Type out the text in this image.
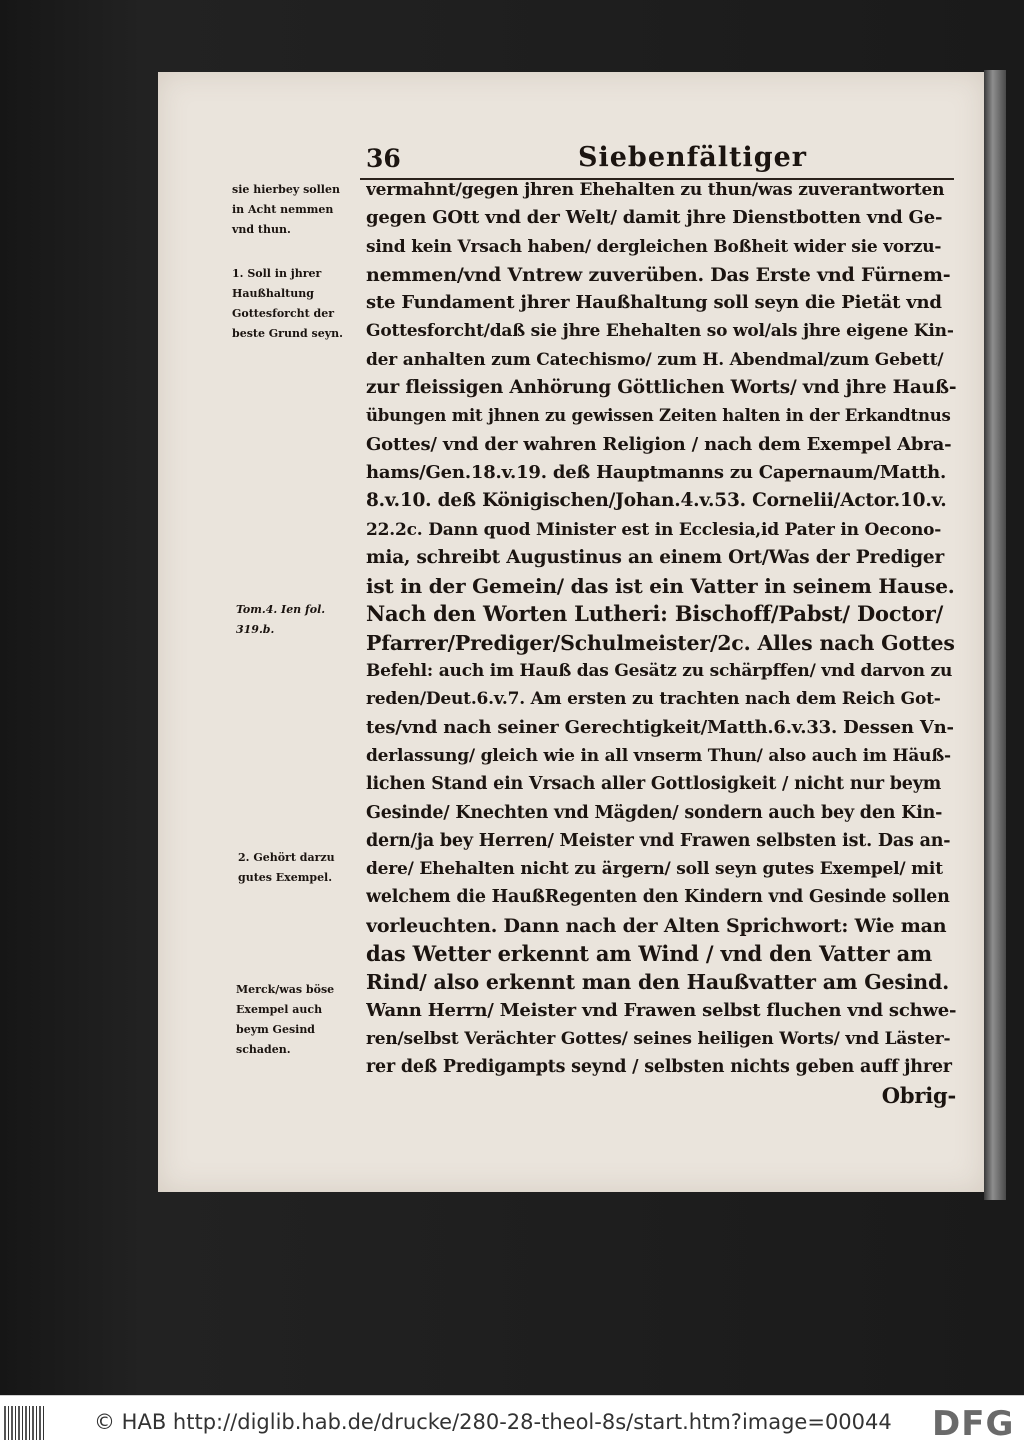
36	Siebenfältiger
vermahnt/gegen jhren Ehehalten zu thun/was zuverantworten
gegen GOtt vnd der Welt/ damit jhre Dienstbotten vnd Ge-
sind kein Vrsach haben/ dergleichen Boßheit wider sie vorzu-
nemmen/vnd Vntrew zuverüben. Das Erste vnd Fürnem-
ste Fundament jhrer Haußhaltung soll seyn die Pietät vnd
Gottesforcht/daß sie jhre Ehehalten so wol/als jhre eigene Kin-
der anhalten zum Catechismo/ zum H. Abendmal/zum Gebett/
zur fleissigen Anhörung Göttlichen Worts/ vnd jhre Hauß-
übungen mit jhnen zu gewissen Zeiten halten in der Erkandtnus
Gottes/ vnd der wahren Religion / nach dem Exempel Abra-
hams/Gen.18.v.19. deß Hauptmanns zu Capernaum/Matth.
8.v.10. deß Königischen/Johan.4.v.53. Cornelii/Actor.10.v.
22.2c. Dann quod Minister est in Ecclesia,id Pater in Oecono-
mia, schreibt Augustinus an einem Ort/Was der Prediger
ist in der Gemein/ das ist ein Vatter in seinem Hause.
Nach den Worten Lutheri: Bischoff/Pabst/ Doctor/
Pfarrer/Prediger/Schulmeister/2c. Alles nach Gottes
Befehl: auch im Hauß das Gesätz zu schärpffen/ vnd darvon zu
reden/Deut.6.v.7. Am ersten zu trachten nach dem Reich Got-
tes/vnd nach seiner Gerechtigkeit/Matth.6.v.33. Dessen Vn-
derlassung/ gleich wie in all vnserm Thun/ also auch im Häuß-
lichen Stand ein Vrsach aller Gottlosigkeit / nicht nur beym
Gesinde/ Knechten vnd Mägden/ sondern auch bey den Kin-
dern/ja bey Herren/ Meister vnd Frawen selbsten ist. Das an-
dere/ Ehehalten nicht zu ärgern/ soll seyn gutes Exempel/ mit
welchem die HaußRegenten den Kindern vnd Gesinde sollen
vorleuchten. Dann nach der Alten Sprichwort: Wie man
das Wetter erkennt am Wind / vnd den Vatter am
Rind/ also erkennt man den Haußvatter am Gesind.
Wann Herrn/ Meister vnd Frawen selbst fluchen vnd schwe-
ren/selbst Verächter Gottes/ seines heiligen Worts/ vnd Läster-
rer deß Predigampts seynd / selbsten nichts geben auff jhrer
Obrig-
sie hierbey sollen
in Acht nemmen
vnd thun.
1. Soll in jhrer
Haußhaltung
Gottesforcht der
beste Grund seyn.
Tom.4. Ien fol.
319.b.
2. Gehört darzu
gutes Exempel.
Merck/was böse
Exempel auch
beym Gesind
schaden.
© HAB http://diglib.hab.de/drucke/280-28-theol-8s/start.htm?image=00044 DFG
